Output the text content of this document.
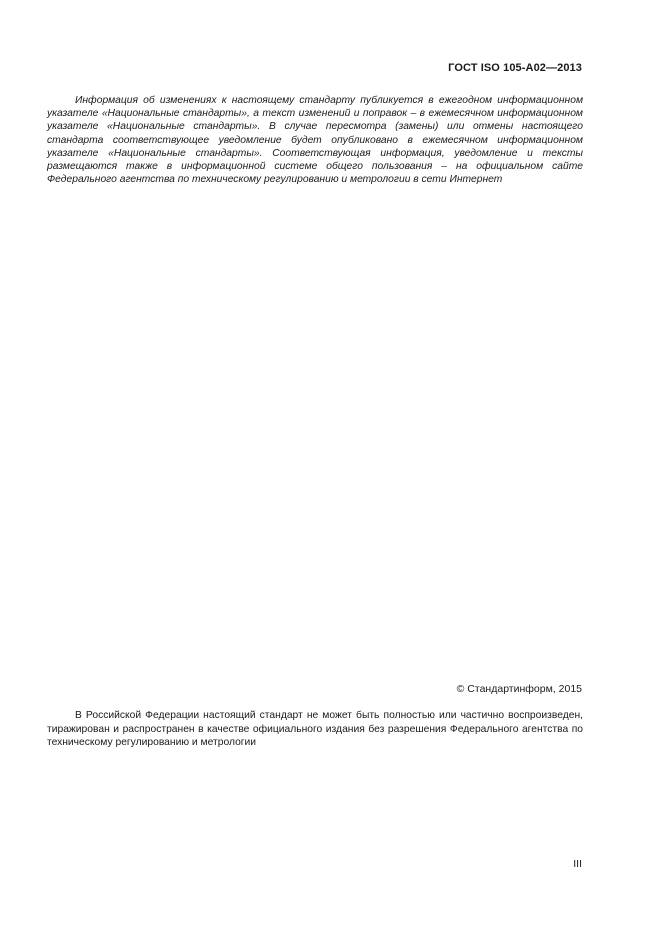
ГОСТ ISO 105-A02—2013

Информация об изменениях к настоящему стандарту публикуется в ежегодном информационном указателе «Национальные стандарты», а текст изменений и поправок – в ежемесячном информационном указателе «Национальные стандарты». В случае пересмотра (замены) или отмены настоящего стандарта соответствующее уведомление будет опубликовано в ежемесячном информационном указателе «Национальные стандарты». Соответствующая информация, уведомление и тексты размещаются также в информационной системе общего пользования – на официальном сайте Федерального агентства по техническому регулированию и метрологии в сети Интернет

© Стандартинформ, 2015

В Российской Федерации настоящий стандарт не может быть полностью или частично воспроизведен, тиражирован и распространен в качестве официального издания без разрешения Федерального агентства по техническому регулированию и метрологии

III
